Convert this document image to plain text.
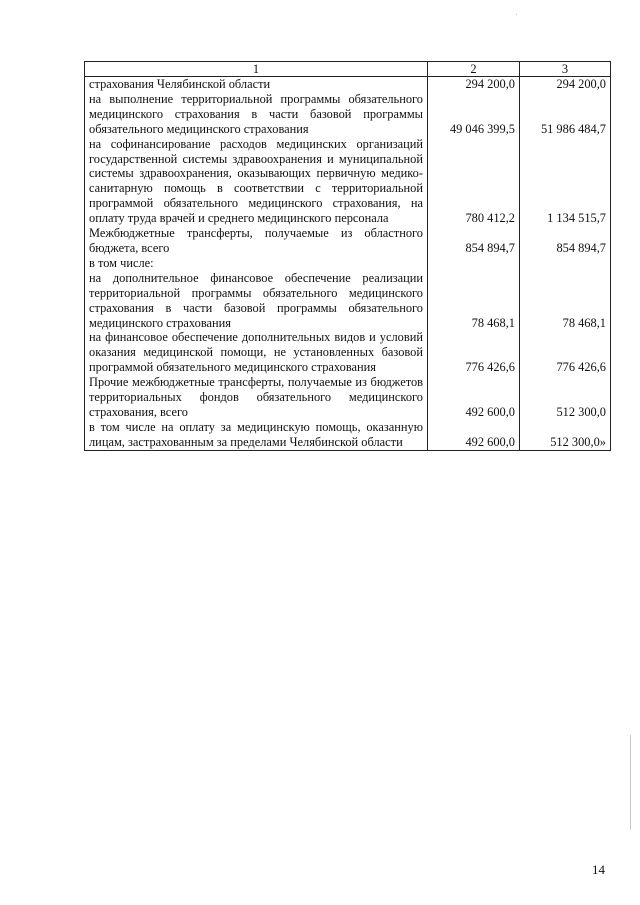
1	2	3
страхования Челябинской области	294 200,0	294 200,0
на выполнение территориальной программы обязательного медицинского страхования в части базовой программы обязательного медицинского страхования	49 046 399,5	51 986 484,7
на софинансирование расходов медицинских организаций государственной системы здравоохранения и муниципальной системы здравоохранения, оказывающих первичную медико-санитарную помощь в соответствии с территориальной программой обязательного медицинского страхования, на оплату труда врачей и среднего медицинского персонала	780 412,2	1 134 515,7
Межбюджетные трансферты, получаемые из областного бюджета, всего	854 894,7	854 894,7
в том числе:		
на дополнительное финансовое обеспечение реализации территориальной программы обязательного медицинского страхования в части базовой программы обязательного медицинского страхования	78 468,1	78 468,1
на финансовое обеспечение дополнительных видов и условий оказания медицинской помощи, не установленных базовой программой обязательного медицинского страхования	776 426,6	776 426,6
Прочие межбюджетные трансферты, получаемые из бюджетов территориальных фондов обязательного медицинского страхования, всего	492 600,0	512 300,0
в том числе на оплату за медицинскую помощь, оказанную лицам, застрахованным за пределами Челябинской области	492 600,0	512 300,0»
14
